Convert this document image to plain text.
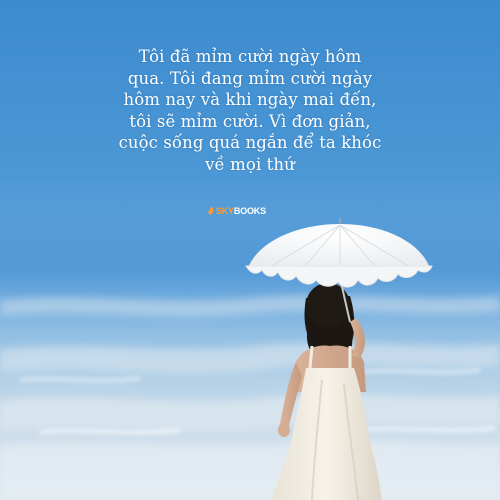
Tôi đã mỉm cười ngày hôm
qua. Tôi đang mỉm cười ngày
hôm nay và khi ngày mai đến,
tôi sẽ mỉm cười. Vì đơn giản,
cuộc sống quá ngắn để ta khóc
về mọi thứ
SKY BOOKS
